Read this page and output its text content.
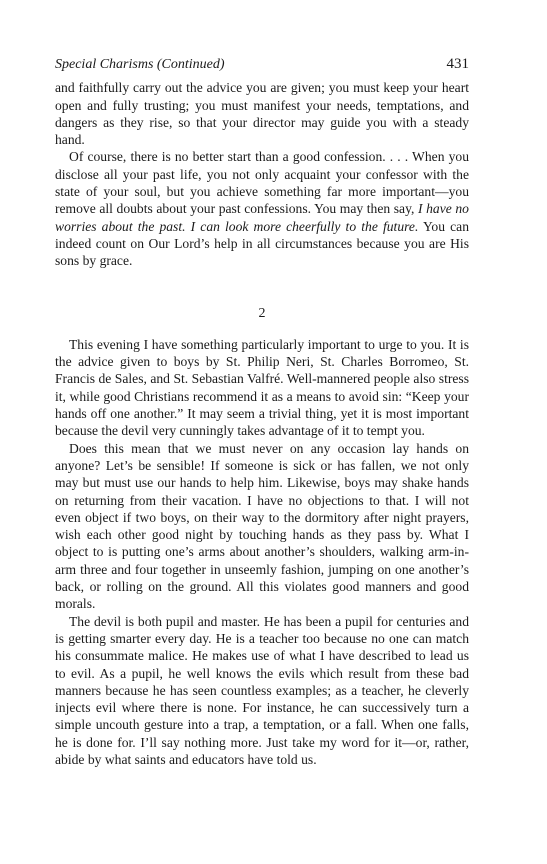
Special Charisms (Continued)	431

and faithfully carry out the advice you are given; you must keep your heart open and fully trusting; you must manifest your needs, temptations, and dangers as they rise, so that your director may guide you with a steady hand.

Of course, there is no better start than a good confession. . . . When you disclose all your past life, you not only acquaint your confessor with the state of your soul, but you achieve something far more important—you remove all doubts about your past confessions. You may then say, I have no worries about the past. I can look more cheerfully to the future. You can indeed count on Our Lord’s help in all circumstances because you are His sons by grace.

2

This evening I have something particularly important to urge to you. It is the advice given to boys by St. Philip Neri, St. Charles Borromeo, St. Francis de Sales, and St. Sebastian Valfré. Well-mannered people also stress it, while good Christians recommend it as a means to avoid sin: “Keep your hands off one another.” It may seem a trivial thing, yet it is most important because the devil very cunningly takes advantage of it to tempt you.

Does this mean that we must never on any occasion lay hands on anyone? Let’s be sensible! If someone is sick or has fallen, we not only may but must use our hands to help him. Likewise, boys may shake hands on returning from their vacation. I have no objections to that. I will not even object if two boys, on their way to the dormitory after night prayers, wish each other good night by touching hands as they pass by. What I object to is putting one’s arms about another’s shoulders, walking arm-in-arm three and four together in unseemly fashion, jumping on one another’s back, or rolling on the ground. All this violates good manners and good morals.

The devil is both pupil and master. He has been a pupil for centuries and is getting smarter every day. He is a teacher too because no one can match his consummate malice. He makes use of what I have described to lead us to evil. As a pupil, he well knows the evils which result from these bad manners because he has seen countless examples; as a teacher, he cleverly injects evil where there is none. For instance, he can successively turn a simple uncouth gesture into a trap, a temptation, or a fall. When one falls, he is done for. I’ll say nothing more. Just take my word for it—or, rather, abide by what saints and educators have told us.
